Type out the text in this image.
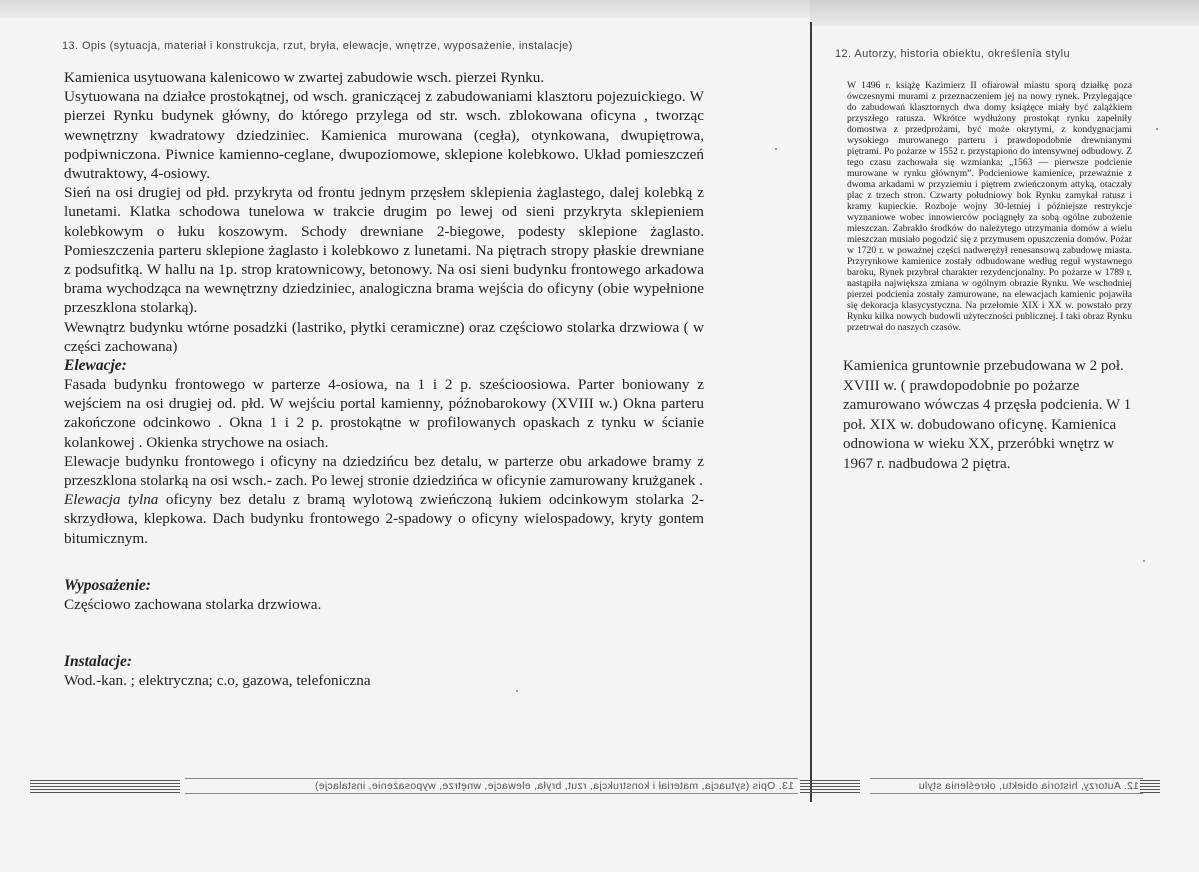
13. Opis (sytuacja, materiał i konstrukcja, rzut, bryła, elewacje, wnętrze, wyposażenie, instalacje)

Kamienica usytuowana kalenicowo w zwartej zabudowie wsch. pierzei Rynku.
Usytuowana na działce prostokątnej, od wsch. graniczącej z zabudowaniami klasztoru pojezuickiego. W pierzei Rynku budynek główny, do którego przylega od str. wsch. zblokowana oficyna , tworząc wewnętrzny kwadratowy dziedziniec. Kamienica murowana (cegła), otynkowana, dwupiętrowa, podpiwniczona. Piwnice kamienno-ceglane, dwupoziomowe, sklepione kolebkowo. Układ pomieszczeń dwutraktowy, 4-osiowy.
Sień na osi drugiej od płd. przykryta od frontu jednym przęsłem sklepienia żaglastego, dalej kolebką z lunetami. Klatka schodowa tunelowa w trakcie drugim po lewej od sieni przykryta sklepieniem kolebkowym o łuku koszowym. Schody drewniane 2-biegowe, podesty sklepione żaglasto. Pomieszczenia parteru sklepione żaglasto i kolebkowo z lunetami. Na piętrach stropy płaskie drewniane z podsufitką. W hallu na 1p. strop kratownicowy, betonowy. Na osi sieni budynku frontowego arkadowa brama wychodząca na wewnętrzny dziedziniec, analogiczna brama wejścia do oficyny (obie wypełnione przeszklona stolarką).
Wewnątrz budynku wtórne posadzki (lastriko, płytki ceramiczne) oraz częściowo stolarka drzwiowa ( w części zachowana)

Elewacje:

Fasada budynku frontowego w parterze 4-osiowa, na 1 i 2 p. sześcioosiowa. Parter boniowany z wejściem na osi drugiej od. płd. W wejściu portal kamienny, późnobarokowy (XVIII w.) Okna parteru zakończone odcinkowo . Okna 1 i 2 p. prostokątne w profilowanych opaskach z tynku w ścianie kolankowej . Okienka strychowe na osiach.
Elewacje budynku frontowego i oficyny na dziedzińcu bez detalu, w parterze obu arkadowe bramy z przeszklona stolarką na osi wsch.- zach. Po lewej stronie dziedzińca w oficynie zamurowany krużganek .

Elewacja tylna oficyny bez detalu z bramą wylotową zwieńczoną łukiem odcinkowym stolarka 2-skrzydłowa, klepkowa. Dach budynku frontowego 2-spadowy o oficyny wielospadowy, kryty gontem bitumicznym.

Wyposażenie:

Częściowo zachowana stolarka drzwiowa.

Instalacje:

Wod.-kan. ; elektryczna; c.o, gazowa, telefoniczna

12. Autorzy, historia obiektu, określenia stylu

W 1496 r. książę Kazimierz II ofiarował miastu sporą działkę poza ówczesnymi murami z przeznaczeniem jej na nowy rynek. Przylegające do zabudowań klasztornych dwa domy książęce miały być zalążkiem przyszłego ratusza. Wkrótce wydłużony prostokąt rynku zapełniły domostwa z przedprożami, być może okrytymi, z kondygnacjami wysokiego murowanego parteru i prawdopodobnie drewnianymi piętrami. Po pożarze w 1552 r. przystąpiono do intensywnej odbudowy. Z tego czasu zachowała się wzmianka: „1563 — pierwsze podcienie murowane w rynku głównym”. Podcieniowe kamienice, przeważnie z dwoma arkadami w przyziemiu i piętrem zwieńczonym attyką, otaczały plac z trzech stron. Czwarty południowy bok Rynku zamykał ratusz i kramy kupieckie. Rozboje wojny 30-letniej i późniejsze restrykcje wyznaniowe wobec innowierców pociągnęły za sobą ogólne zubożenie mieszczan. Zabrakło środków do należytego utrzymania domów a wielu mieszczan musiało pogodzić się z przymusem opuszczenia domów. Pożar w 1720 r. w poważnej części nadwerężył renesansową zabudowę miasta. Przyrynkowe kamienice zostały odbudowane według reguł wystawnego baroku, Rynek przybrał charakter rezydencjonalny. Po pożarze w 1789 r. nastąpiła największa zmiana w ogólnym obrazie Rynku. We wschodniej pierzei podcienia zostały zamurowane, na elewacjach kamienic pojawiła się dekoracja klasycystyczna. Na przełomie XIX i XX w. powstało przy Rynku kilka nowych budowli użyteczności publicznej. I taki obraz Rynku przetrwał do naszych czasów.

Kamienica gruntownie przebudowana w 2 poł. XVIII w. ( prawdopodobnie po pożarze zamurowano wówczas 4 przęsła podcienia. W 1 poł. XIX w. dobudowano oficynę. Kamienica odnowiona w wieku XX, przeróbki wnętrz w 1967 r. nadbudowa 2 piętra.

13. Opis (sytuacja, materiał i konstrukcja, rzut, bryła, elewacje, wnętrze, wyposażenie, instalacje)	12. Autorzy, historia obiektu, określenia stylu
